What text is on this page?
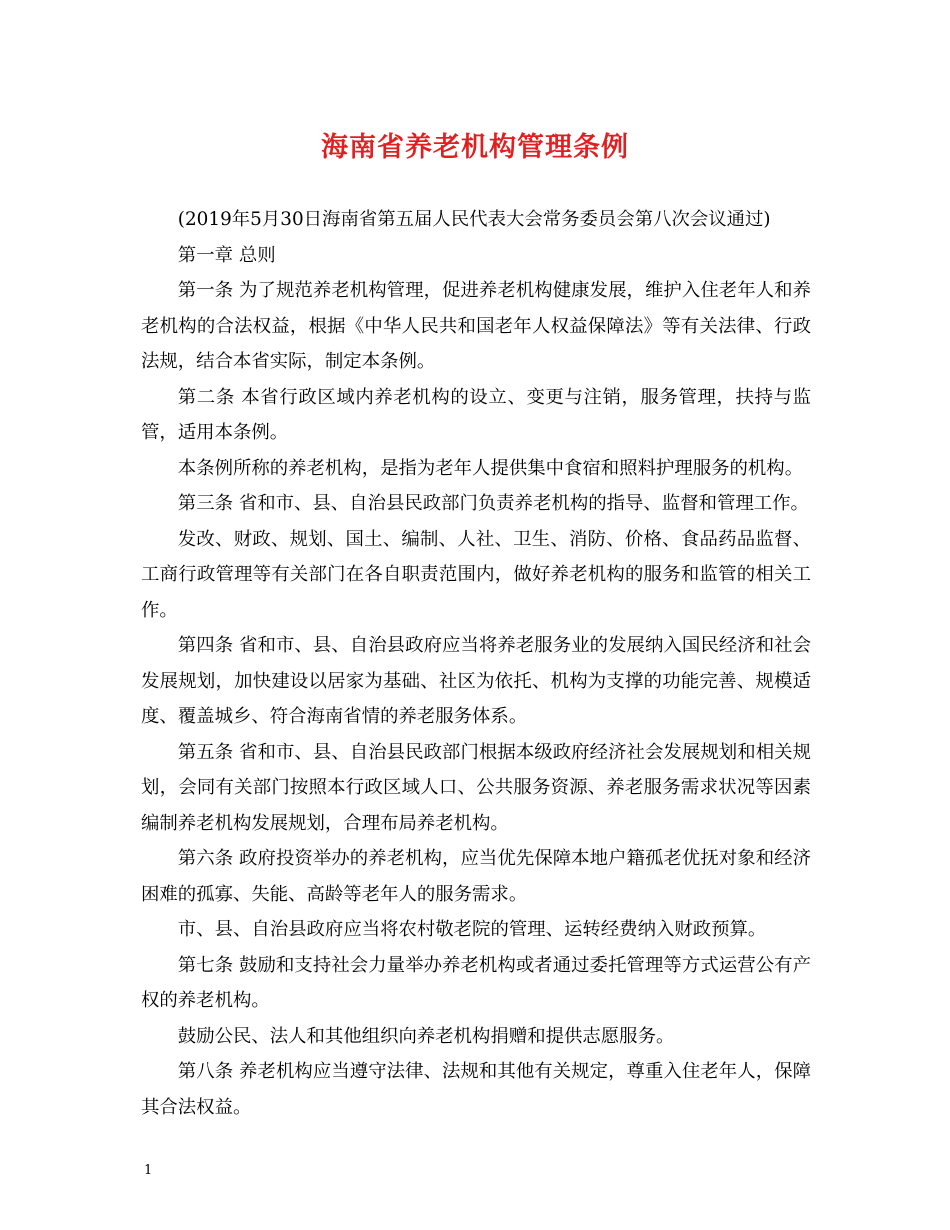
海南省养老机构管理条例

(2019年5月30日海南省第五届人民代表大会常务委员会第八次会议通过)

第一章 总则

第一条 为了规范养老机构管理，促进养老机构健康发展，维护入住老年人和养老机构的合法权益，根据《中华人民共和国老年人权益保障法》等有关法律、行政法规，结合本省实际，制定本条例。

第二条 本省行政区域内养老机构的设立、变更与注销，服务管理，扶持与监管，适用本条例。

本条例所称的养老机构，是指为老年人提供集中食宿和照料护理服务的机构。

第三条 省和市、县、自治县民政部门负责养老机构的指导、监督和管理工作。

发改、财政、规划、国土、编制、人社、卫生、消防、价格、食品药品监督、工商行政管理等有关部门在各自职责范围内，做好养老机构的服务和监管的相关工作。

第四条 省和市、县、自治县政府应当将养老服务业的发展纳入国民经济和社会发展规划，加快建设以居家为基础、社区为依托、机构为支撑的功能完善、规模适度、覆盖城乡、符合海南省情的养老服务体系。

第五条 省和市、县、自治县民政部门根据本级政府经济社会发展规划和相关规划，会同有关部门按照本行政区域人口、公共服务资源、养老服务需求状况等因素编制养老机构发展规划，合理布局养老机构。

第六条 政府投资举办的养老机构，应当优先保障本地户籍孤老优抚对象和经济困难的孤寡、失能、高龄等老年人的服务需求。

市、县、自治县政府应当将农村敬老院的管理、运转经费纳入财政预算。

第七条 鼓励和支持社会力量举办养老机构或者通过委托管理等方式运营公有产权的养老机构。

鼓励公民、法人和其他组织向养老机构捐赠和提供志愿服务。

第八条 养老机构应当遵守法律、法规和其他有关规定，尊重入住老年人，保障其合法权益。

1
